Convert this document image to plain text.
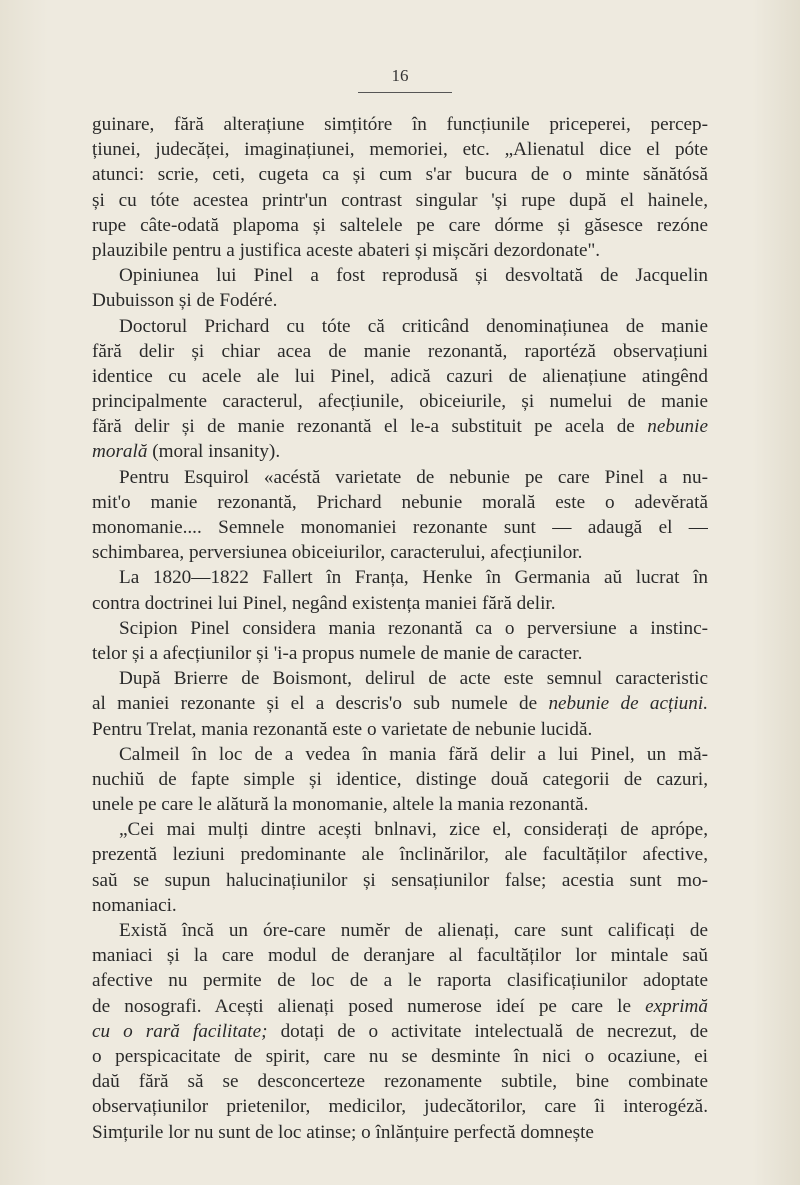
16
guinare, fără alterațiune simțitóre în funcțiunile priceperei, percep-
țiunei, judecăței, imaginațiunei, memoriei, etc. „Alienatul dice el póte
atunci: scrie, ceti, cugeta ca și cum s'ar bucura de o minte sănătósă
și cu tóte acestea printr'un contrast singular 'și rupe după el hainele,
rupe câte-odată plapoma și saltelele pe care dórme și găsesce rezóne
plauzibile pentru a justifica aceste abateri și mișcări dezordonate".
Opiniunea lui Pinel a fost reprodusă și desvoltată de Jacquelin
Dubuisson și de Fodéré.
Doctorul Prichard cu tóte că criticând denominațiunea de manie
fără delir și chiar acea de manie rezonantă, raportéză observațiuni
identice cu acele ale lui Pinel, adică cazuri de alienațiune atingênd
principalmente caracterul, afecțiunile, obiceiurile, și numelui de manie
fără delir și de manie rezonantă el le-a substituit pe acela de nebunie
morală (moral insanity).
Pentru Esquirol «acéstă varietate de nebunie pe care Pinel a nu-
mit'o manie rezonantă, Prichard nebunie morală este o adevĕrată
monomanie.... Semnele monomaniei rezonante sunt — adaugă el —
schimbarea, perversiunea obiceiurilor, caracterului, afecțiunilor.
La 1820—1822 Fallert în Franța, Henke în Germania aŭ lucrat în
contra doctrinei lui Pinel, negând existența maniei fără delir.
Scipion Pinel considera mania rezonantă ca o perversiune a instinc-
telor și a afecțiunilor și 'i-a propus numele de manie de caracter.
După Brierre de Boismont, delirul de acte este semnul caracteristic
al maniei rezonante și el a descris'o sub numele de nebunie de acțiuni.
Pentru Trelat, mania rezonantă este o varietate de nebunie lucidă.
Calmeil în loc de a vedea în mania fără delir a lui Pinel, un mă-
nuchiŭ de fapte simple și identice, distinge două categorii de cazuri,
unele pe care le alătură la monomanie, altele la mania rezonantă.
„Cei mai mulți dintre acești bnlnavi, zice el, considerați de aprópe,
prezentă leziuni predominante ale înclinărilor, ale facultăților afective,
saŭ se supun halucinațiunilor și sensațiunilor false; acestia sunt mo-
nomaniaci.
Există încă un óre-care numĕr de alienați, care sunt calificați de
maniaci și la care modul de deranjare al facultăților lor mintale saŭ
afective nu permite de loc de a le raporta clasificațiunilor adoptate
de nosografi. Acești alienați posed numerose ideí pe care le exprimă
cu o rară facilitate; dotați de o activitate intelectuală de necrezut, de
o perspicacitate de spirit, care nu se desminte în nici o ocaziune, ei
daŭ fără să se desconcerteze rezonamente subtile, bine combinate
observațiunilor prietenilor, medicilor, judecătorilor, care îi interogéză.
Simțurile lor nu sunt de loc atinse; o înlănțuire perfectă domnește
